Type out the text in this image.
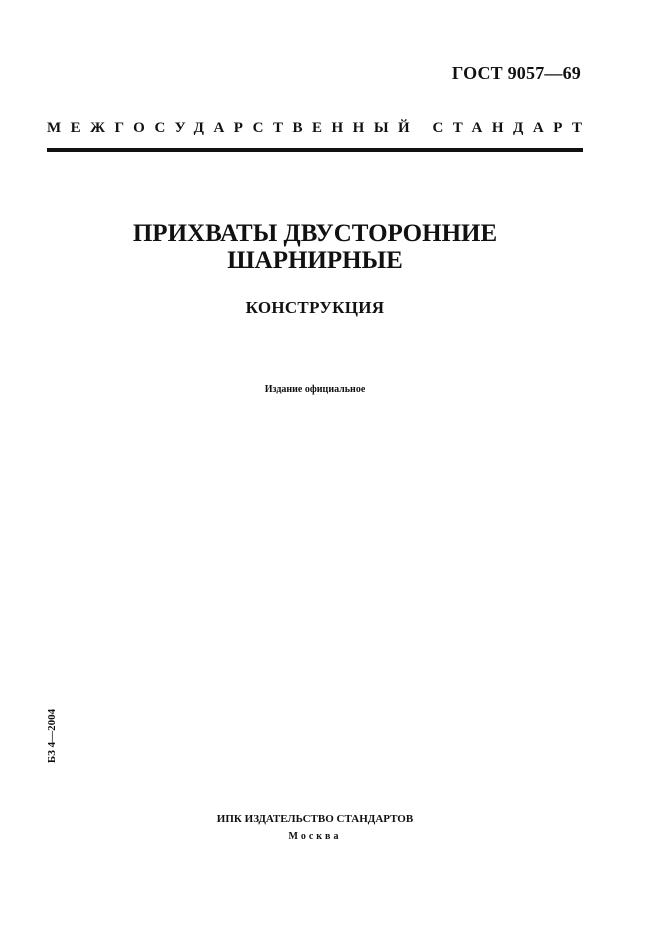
ГОСТ 9057—69
МЕЖГОСУДАРСТВЕННЫЙ СТАНДАРТ
ПРИХВАТЫ ДВУСТОРОННИЕ
ШАРНИРНЫЕ
КОНСТРУКЦИЯ
Издание официальное
БЗ 4—2004
ИПК ИЗДАТЕЛЬСТВО СТАНДАРТОВ
Москва
